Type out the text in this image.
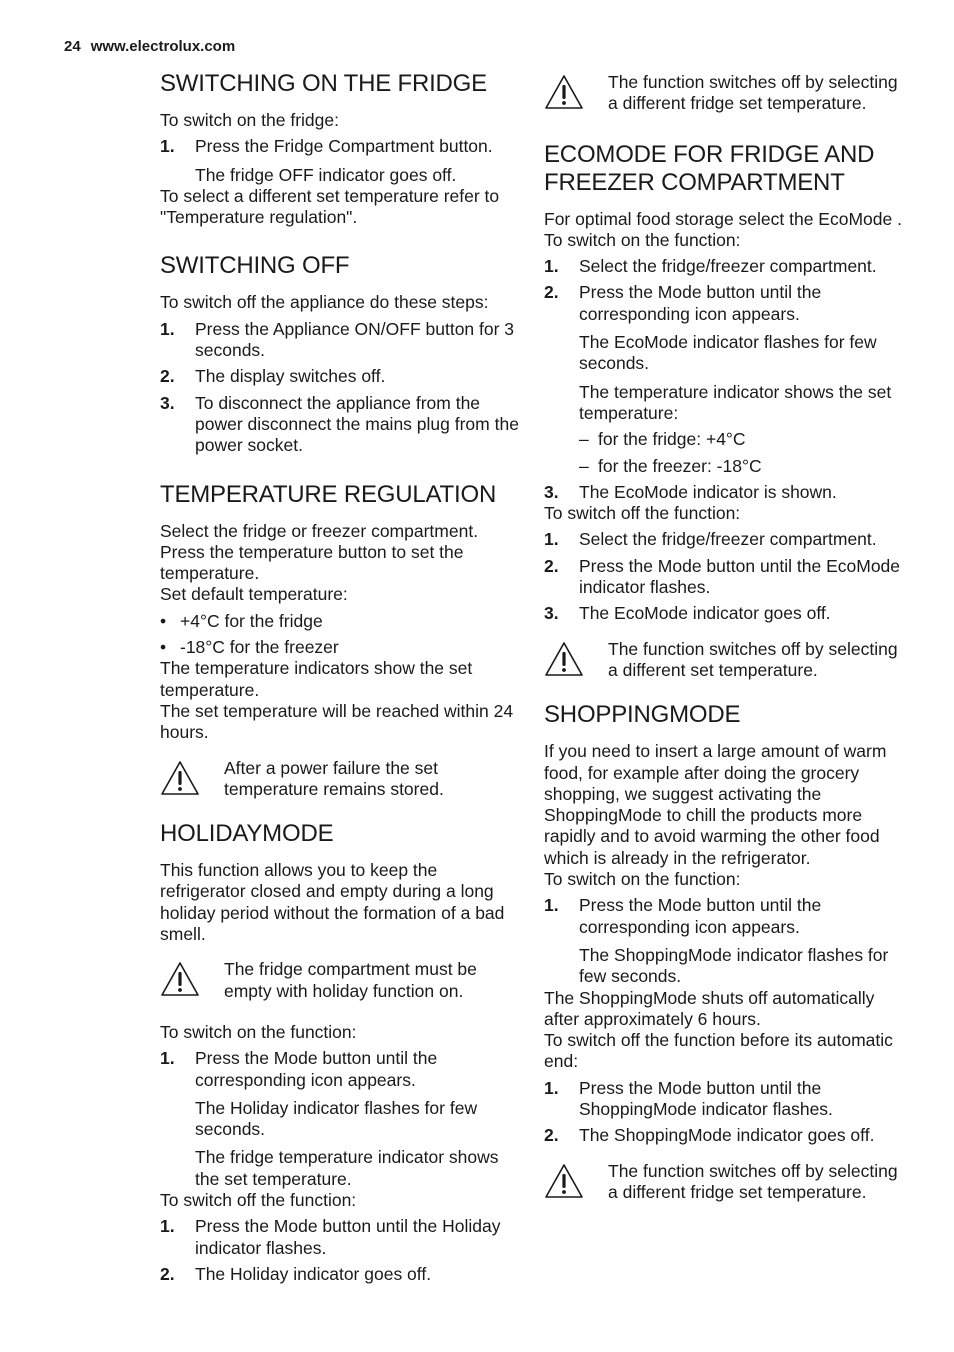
24 www.electrolux.com
SWITCHING ON THE FRIDGE

To switch on the fridge:

1.	Press the Fridge Compartment button.
The fridge OFF indicator goes off.

To select a different set temperature refer to "Temperature regulation".

SWITCHING OFF

To switch off the appliance do these steps:

1.	Press the Appliance ON/OFF button for 3 seconds.
2.	The display switches off.
3.	To disconnect the appliance from the power disconnect the mains plug from the power socket.
TEMPERATURE REGULATION

Select the fridge or freezer compartment. Press the temperature button to set the temperature.

Set default temperature:

• +4°C for the fridge
• -18°C for the freezer

The temperature indicators show the set temperature.

The set temperature will be reached within 24 hours.

After a power failure the set temperature remains stored.
HOLIDAYMODE

This function allows you to keep the refrigerator closed and empty during a long holiday period without the formation of a bad smell.

The fridge compartment must be empty with holiday function on.

To switch on the function:

1.	Press the Mode button until the corresponding icon appears.
The Holiday indicator flashes for few seconds.
The fridge temperature indicator shows the set temperature.

To switch off the function:

1.	Press the Mode button until the Holiday indicator flashes.
2.	The Holiday indicator goes off.
The function switches off by selecting a different fridge set temperature.
ECOMODE FOR FRIDGE AND FREEZER COMPARTMENT

For optimal food storage select the EcoMode .

To switch on the function:

1.	Select the fridge/freezer compartment.
2.	Press the Mode button until the corresponding icon appears.
The EcoMode indicator flashes for few seconds.
The temperature indicator shows the set temperature:
– for the fridge: +4°C
– for the freezer: -18°C
3.	The EcoMode indicator is shown.

To switch off the function:

1.	Select the fridge/freezer compartment.
2.	Press the Mode button until the EcoMode indicator flashes.
3.	The EcoMode indicator goes off.
The function switches off by selecting a different set temperature.
SHOPPINGMODE

If you need to insert a large amount of warm food, for example after doing the grocery shopping, we suggest activating the ShoppingMode to chill the products more rapidly and to avoid warming the other food which is already in the refrigerator.

To switch on the function:

1.	Press the Mode button until the corresponding icon appears.
The ShoppingMode indicator flashes for few seconds.

The ShoppingMode shuts off automatically after approximately 6 hours.

To switch off the function before its automatic end:

1.	Press the Mode button until the ShoppingMode indicator flashes.
2.	The ShoppingMode indicator goes off.
The function switches off by selecting a different fridge set temperature.
